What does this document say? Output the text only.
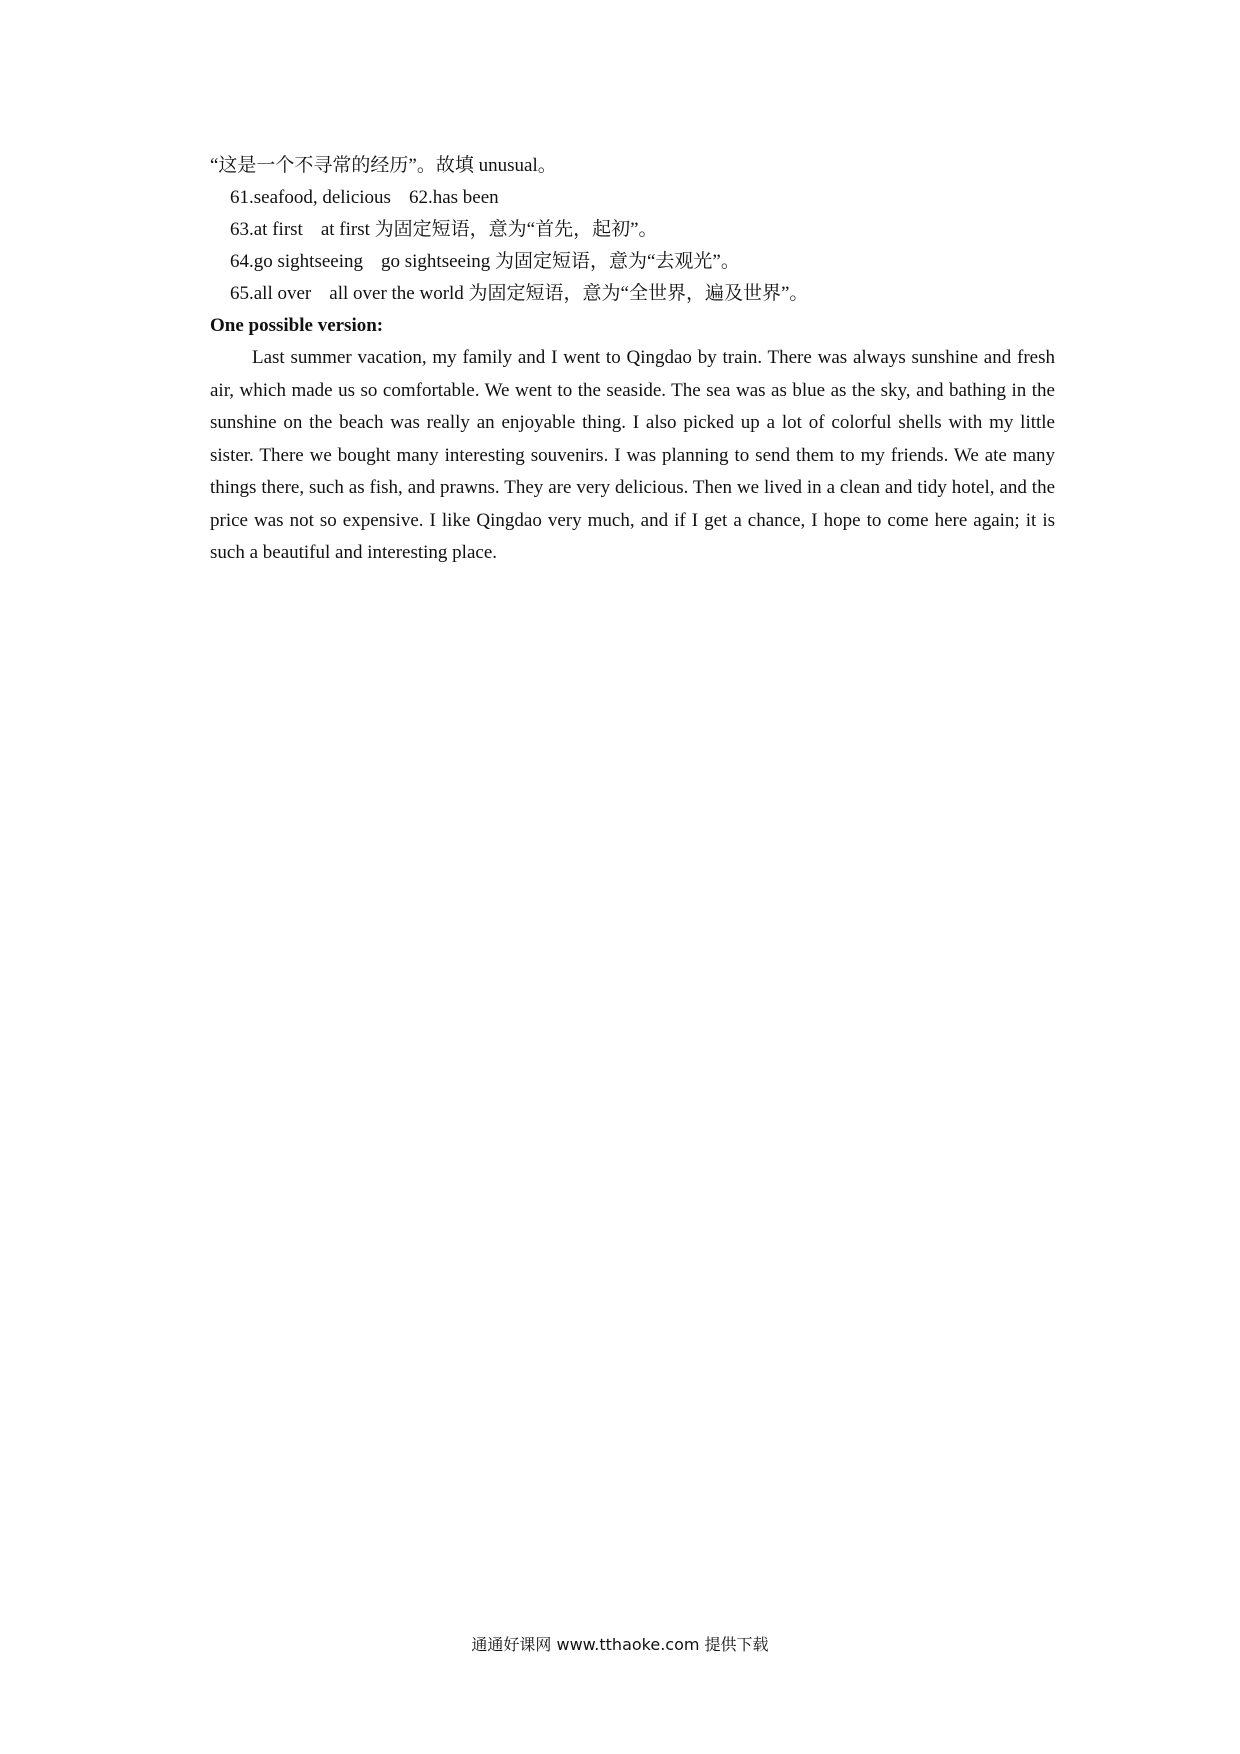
“这是一个不寻常的经历”。故填 unusual。
61.seafood, delicious 62.has been
63.at first at first 为固定短语，意为“首先，起初”。
64.go sightseeing go sightseeing 为固定短语，意为“去观光”。
65.all over all over the world 为固定短语，意为“全世界，遍及世界”。
One possible version:

Last summer vacation, my family and I went to Qingdao by train. There was always sunshine and fresh air, which made us so comfortable. We went to the seaside. The sea was as blue as the sky, and bathing in the sunshine on the beach was really an enjoyable thing. I also picked up a lot of colorful shells with my little sister. There we bought many interesting souvenirs. I was planning to send them to my friends. We ate many things there, such as fish, and prawns. They are very delicious. Then we lived in a clean and tidy hotel, and the price was not so expensive. I like Qingdao very much, and if I get a chance, I hope to come here again; it is such a beautiful and interesting place.

通通好课网 www.tthaoke.com 提供下载
